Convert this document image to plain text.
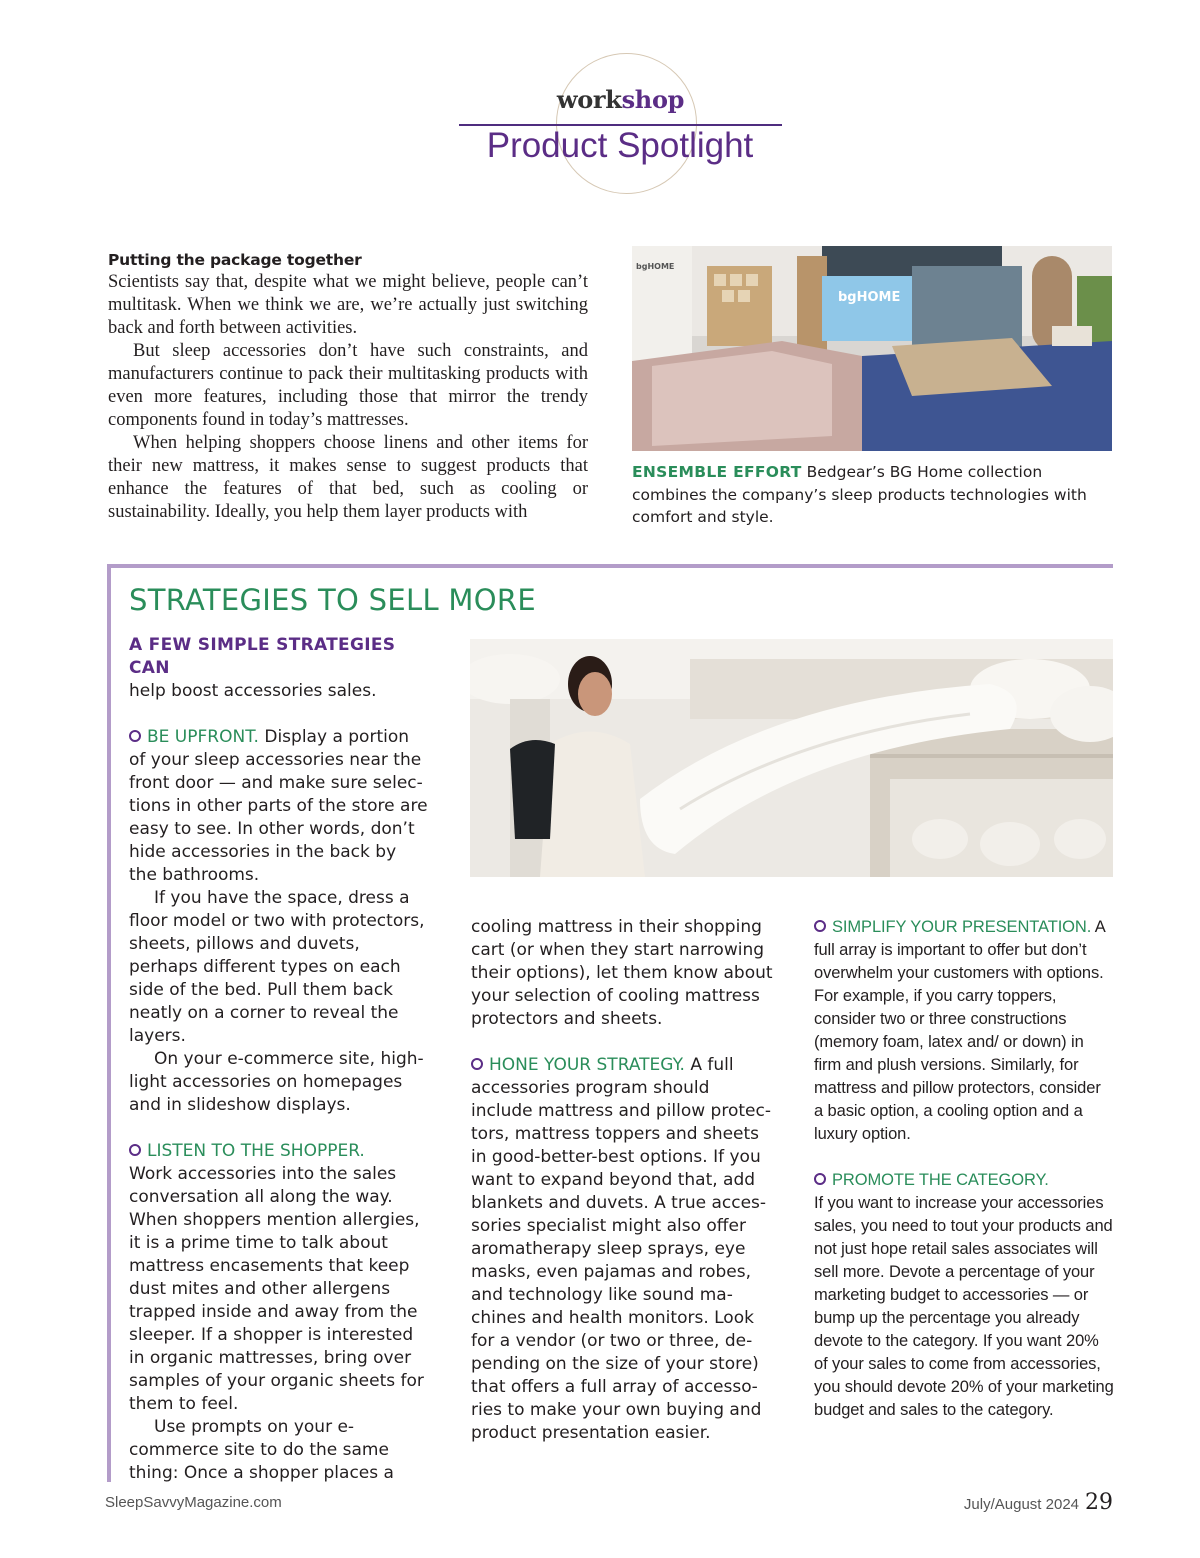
workshop
Product Spotlight
Putting the package together

Scientists say that, despite what we might believe, people can’t multitask. When we think we are, we’re actually just switching back and forth between activities.

But sleep accessories don’t have such constraints, and manufacturers continue to pack their multitasking products with even more features, including those that mirror the trendy components found in today’s mattresses.

When helping shoppers choose linens and other items for their new mattress, it makes sense to suggest products that enhance the features of that bed, such as cooling or sustainability. Ideally, you help them layer products with

bgHOME
bgHOME
ENSEMBLE EFFORT Bedgear’s BG Home collection combines the company’s sleep products technologies with comfort and style.
STRATEGIES TO SELL MORE

A FEW SIMPLE STRATEGIES CAN
help boost accessories sales.

BE UPFRONT. Display a portion of your sleep accessories near the front door — and make sure selections in other parts of the store are easy to see. In other words, don’t hide accessories in the back by the bathrooms.

If you have the space, dress a floor model or two with protectors, sheets, pillows and duvets, perhaps different types on each side of the bed. Pull them back neatly on a corner to reveal the layers.

On your e-commerce site, highlight accessories on homepages and in slideshow displays.

LISTEN TO THE SHOPPER.

Work accessories into the sales conversation all along the way. When shoppers mention allergies, it is a prime time to talk about mattress encasements that keep dust mites and other allergens trapped inside and away from the sleeper. If a shopper is interested in organic mattresses, bring over samples of your organic sheets for them to feel.

Use prompts on your e-commerce site to do the same thing: Once a shopper places a

cooling mattress in their shopping cart (or when they start narrowing their options), let them know about your selection of cooling mattress protectors and sheets.

HONE YOUR STRATEGY. A full accessories program should include mattress and pillow protectors, mattress toppers and sheets in good-better-best options. If you want to expand beyond that, add blankets and duvets. A true accessories specialist might also offer aromatherapy sleep sprays, eye masks, even pajamas and robes, and technology like sound machines and health monitors. Look for a vendor (or two or three, depending on the size of your store) that offers a full array of accessories to make your own buying and product presentation easier.

SIMPLIFY YOUR PRESENTATION. A full array is important to offer but don’t overwhelm your customers with options. For example, if you carry toppers, consider two or three constructions (memory foam, latex and/ or down) in firm and plush versions. Similarly, for mattress and pillow protectors, consider a basic option, a cooling option and a luxury option.

PROMOTE THE CATEGORY.

If you want to increase your accessories sales, you need to tout your products and not just hope retail sales associates will sell more. Devote a percentage of your marketing budget to accessories — or bump up the percentage you already devote to the category. If you want 20% of your sales to come from accessories, you should devote 20% of your marketing budget and sales to the category.

SleepSavvyMagazine.com	July/August 2024 29
